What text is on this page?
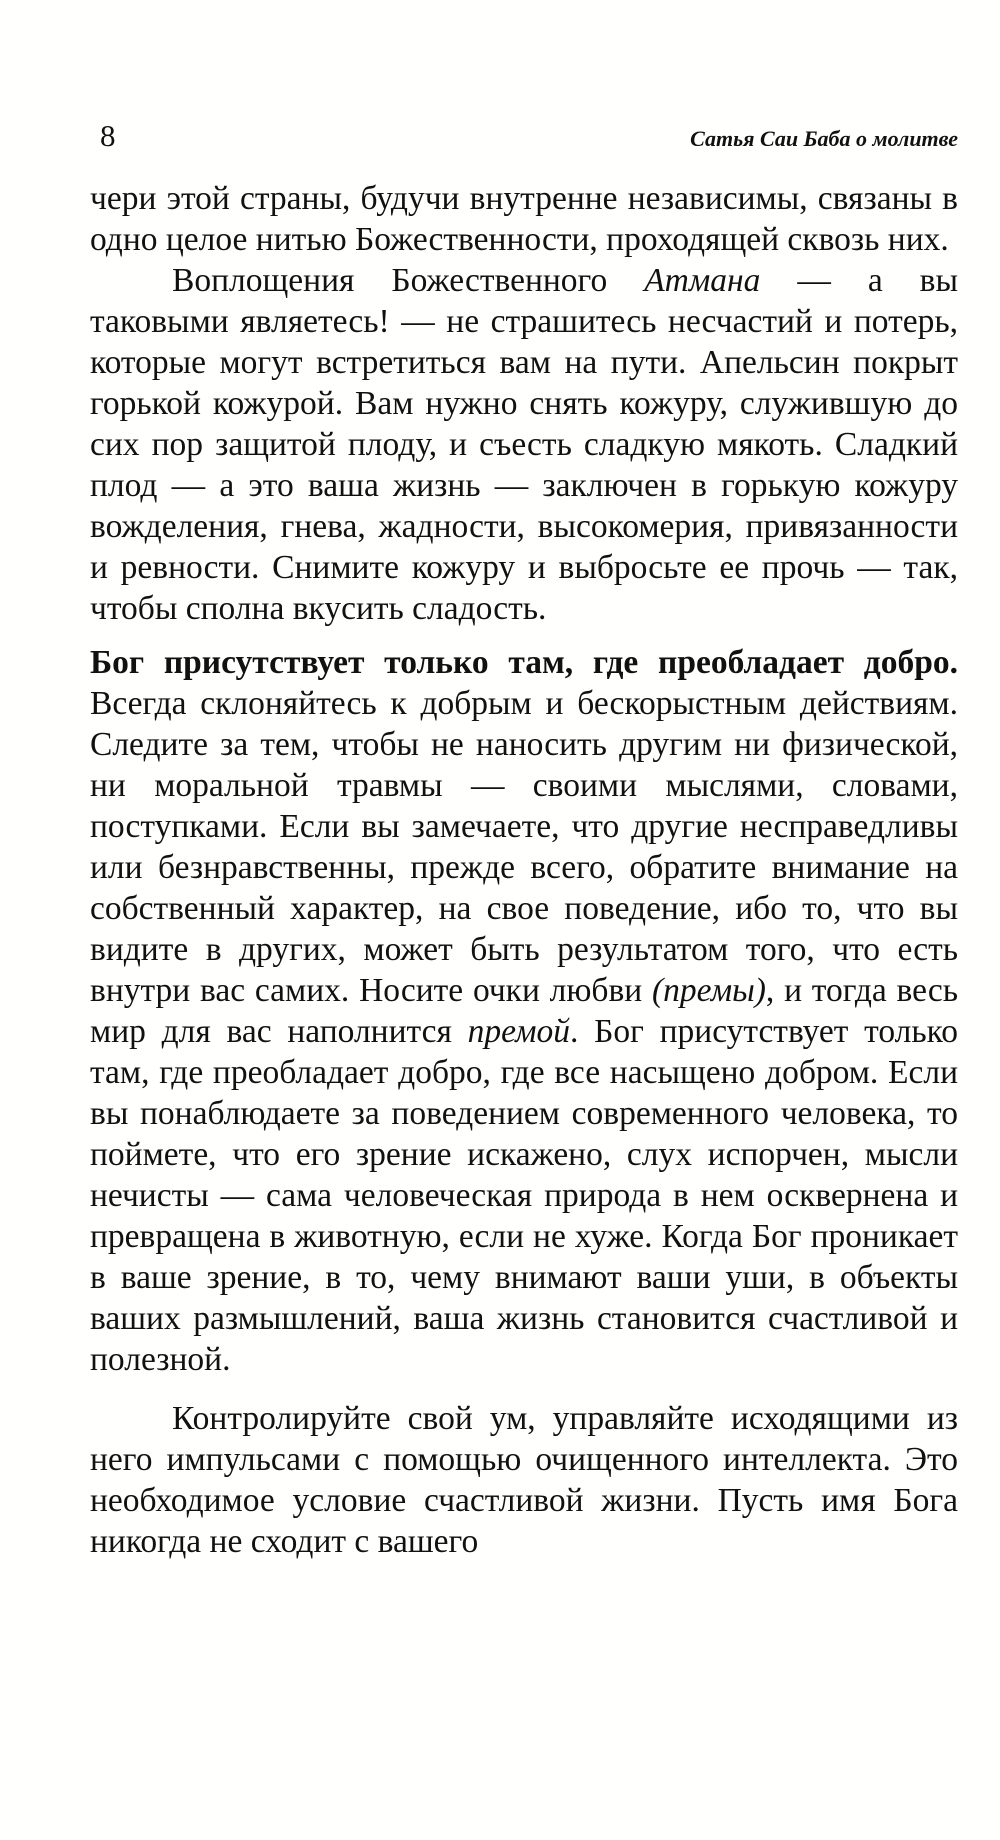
8	Сатья Саи Баба о молитве

чери этой страны, будучи внутренне независимы, связаны в одно целое нитью Божественности, проходящей сквозь них.

Воплощения Божественного Атмана — а вы таковыми являетесь! — не страшитесь несчастий и потерь, которые могут встретиться вам на пути. Апельсин покрыт горькой кожурой. Вам нужно снять кожуру, служившую до сих пор защитой плоду, и съесть сладкую мякоть. Сладкий плод — а это ваша жизнь — заключен в горькую кожуру вожделения, гнева, жадности, высокомерия, привязанности и ревности. Снимите кожуру и выбросьте ее прочь — так, чтобы сполна вкусить сладость.

Бог присутствует только там, где преобладает добро. Всегда склоняйтесь к добрым и бескорыстным действиям. Следите за тем, чтобы не наносить другим ни физической, ни моральной травмы — своими мыслями, словами, поступками. Если вы замечаете, что другие несправедливы или безнравственны, прежде всего, обратите внимание на собственный характер, на свое поведение, ибо то, что вы видите в других, может быть результатом того, что есть внутри вас самих. Носите очки любви (премы), и тогда весь мир для вас наполнится премой. Бог присутствует только там, где преобладает добро, где все насыщено добром. Если вы понаблюдаете за поведением современного человека, то поймете, что его зрение искажено, слух испорчен, мысли нечисты — сама человеческая природа в нем осквернена и превращена в животную, если не хуже. Когда Бог проникает в ваше зрение, в то, чему внимают ваши уши, в объекты ваших размышлений, ваша жизнь становится счастливой и полезной.

Контролируйте свой ум, управляйте исходящими из него импульсами с помощью очищенного интеллекта. Это необходимое условие счастливой жизни. Пусть имя Бога никогда не сходит с вашего
